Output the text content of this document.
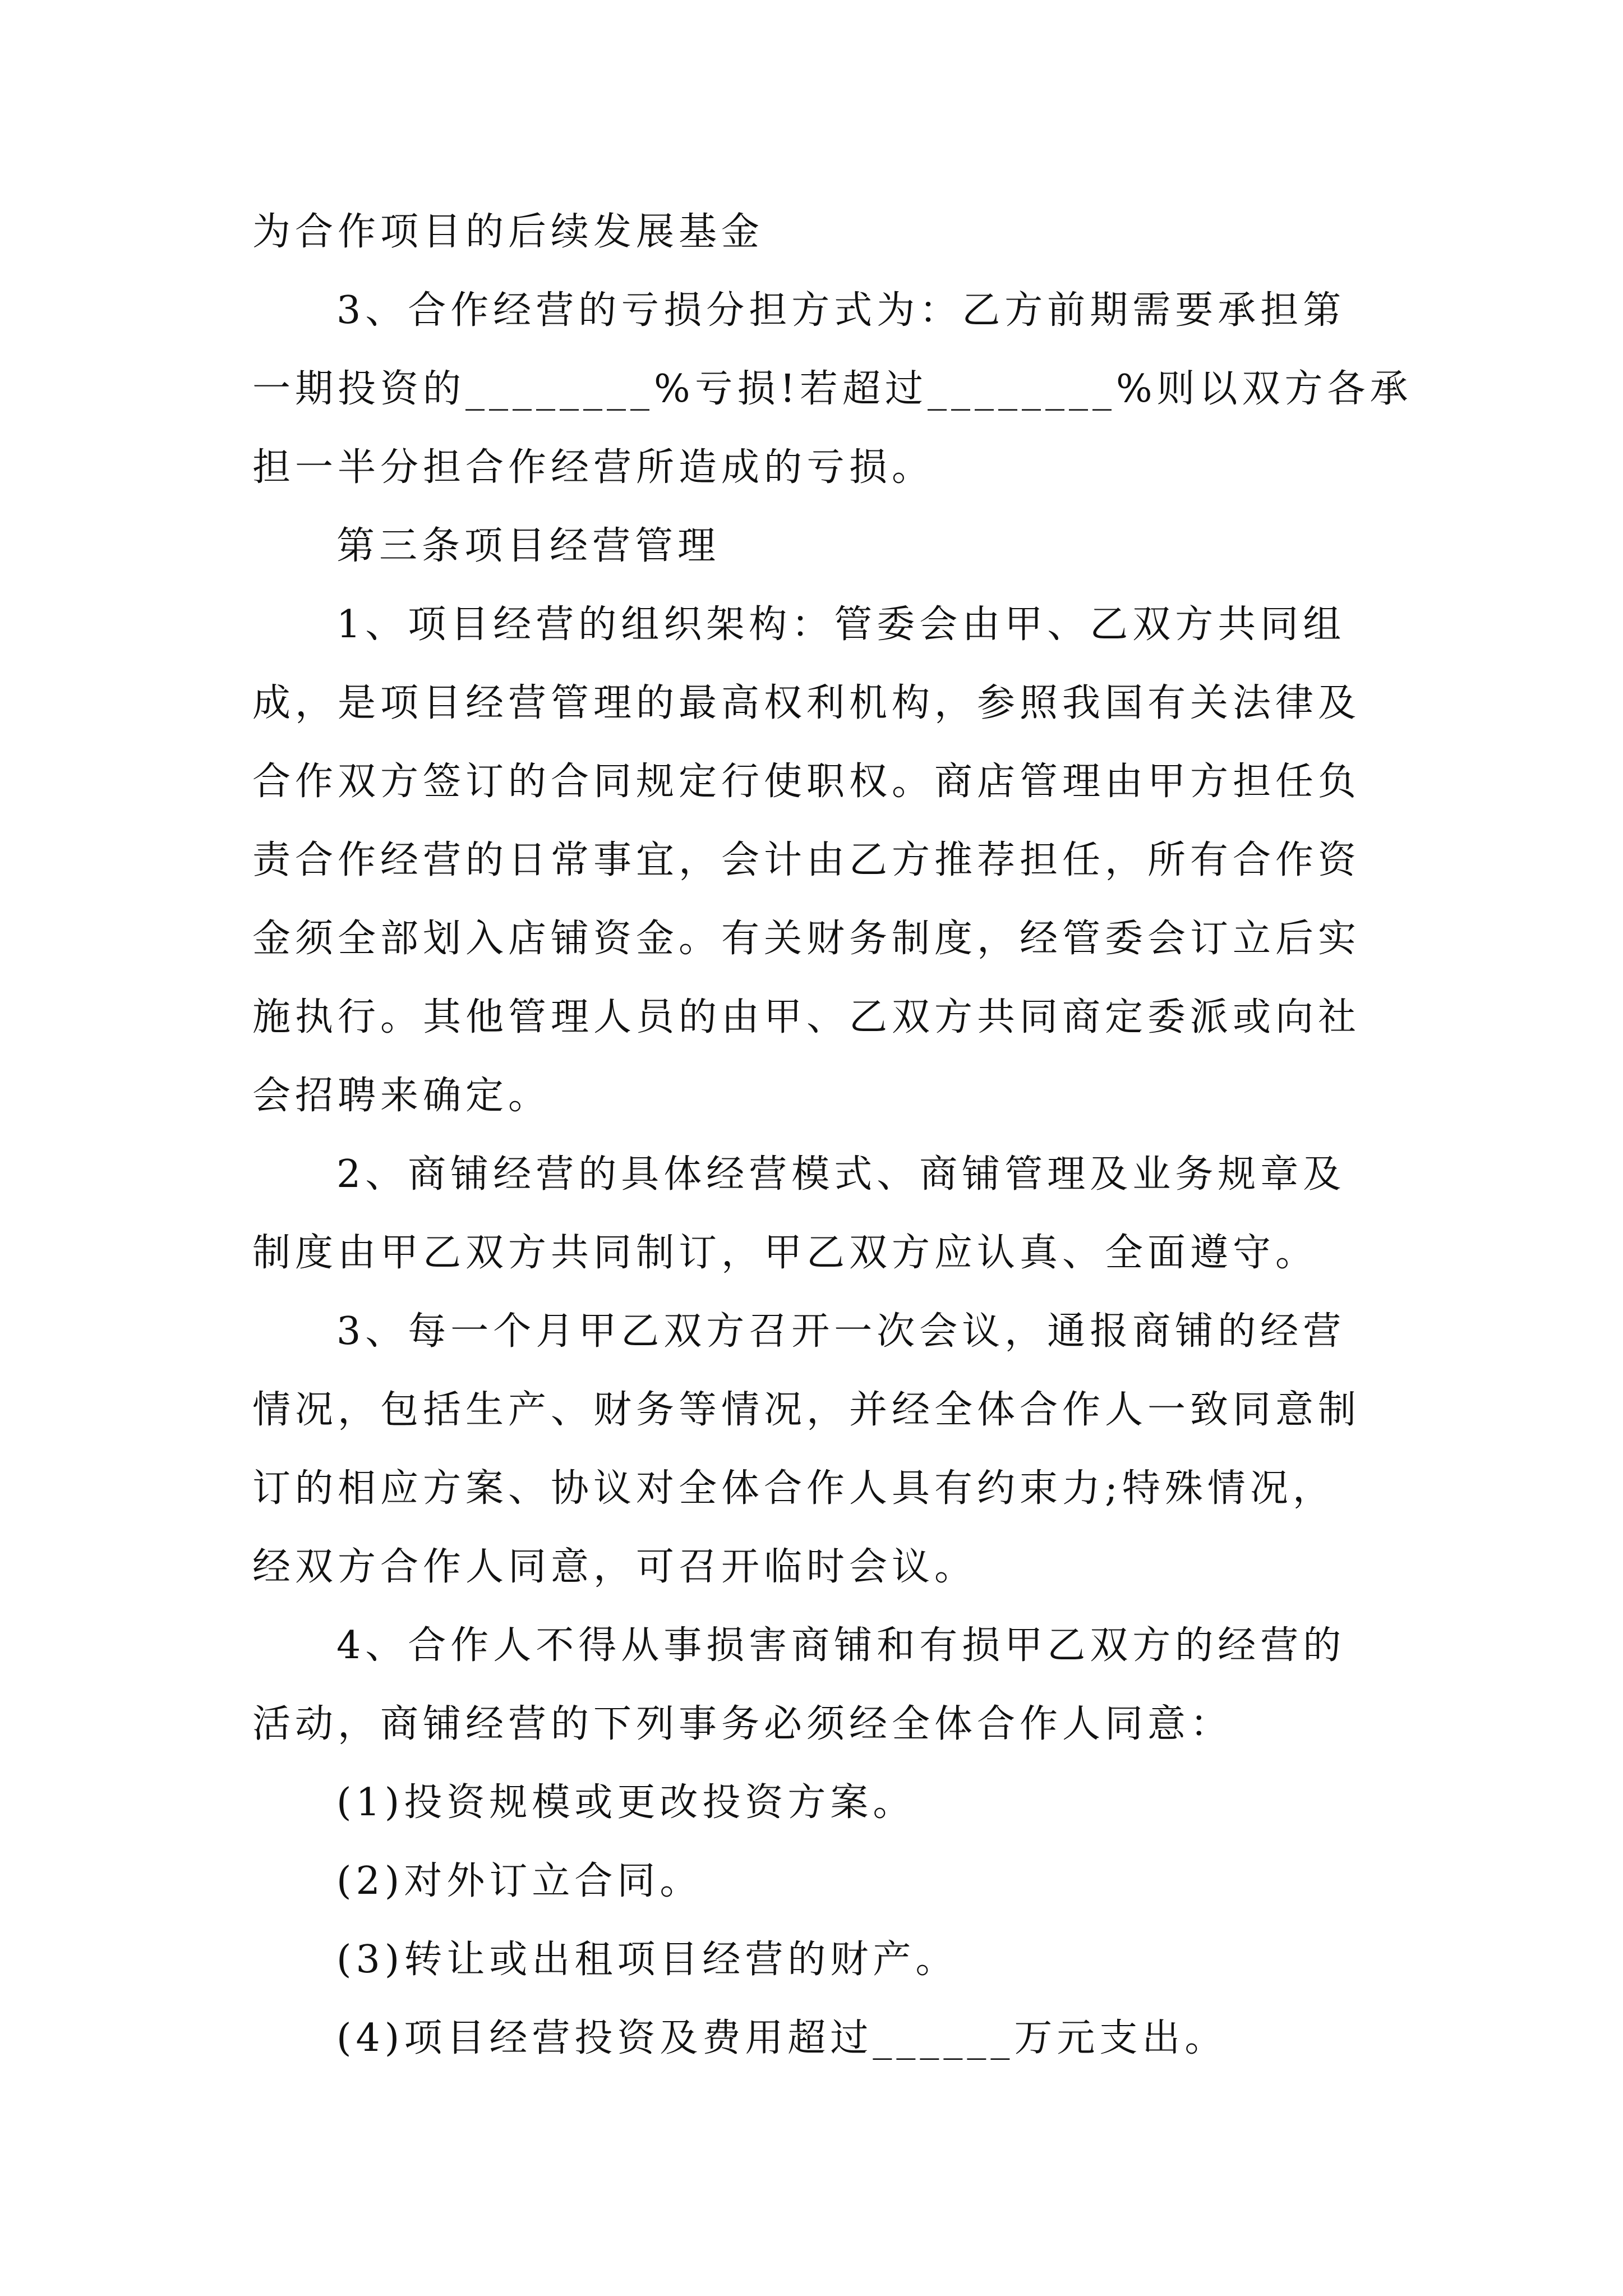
为合作项目的后续发展基金
3、合作经营的亏损分担方式为：乙方前期需要承担第
一期投资的________%亏损!若超过________%则以双方各承
担一半分担合作经营所造成的亏损。
第三条项目经营管理
1、项目经营的组织架构：管委会由甲、乙双方共同组
成，是项目经营管理的最高权利机构，参照我国有关法律及
合作双方签订的合同规定行使职权。商店管理由甲方担任负
责合作经营的日常事宜，会计由乙方推荐担任，所有合作资
金须全部划入店铺资金。有关财务制度，经管委会订立后实
施执行。其他管理人员的由甲、乙双方共同商定委派或向社
会招聘来确定。
2、商铺经营的具体经营模式、商铺管理及业务规章及
制度由甲乙双方共同制订，甲乙双方应认真、全面遵守。
3、每一个月甲乙双方召开一次会议，通报商铺的经营
情况，包括生产、财务等情况，并经全体合作人一致同意制
订的相应方案、协议对全体合作人具有约束力;特殊情况，
经双方合作人同意，可召开临时会议。
4、合作人不得从事损害商铺和有损甲乙双方的经营的
活动，商铺经营的下列事务必须经全体合作人同意：
(1)投资规模或更改投资方案。
(2)对外订立合同。
(3)转让或出租项目经营的财产。
(4)项目经营投资及费用超过______万元支出。
